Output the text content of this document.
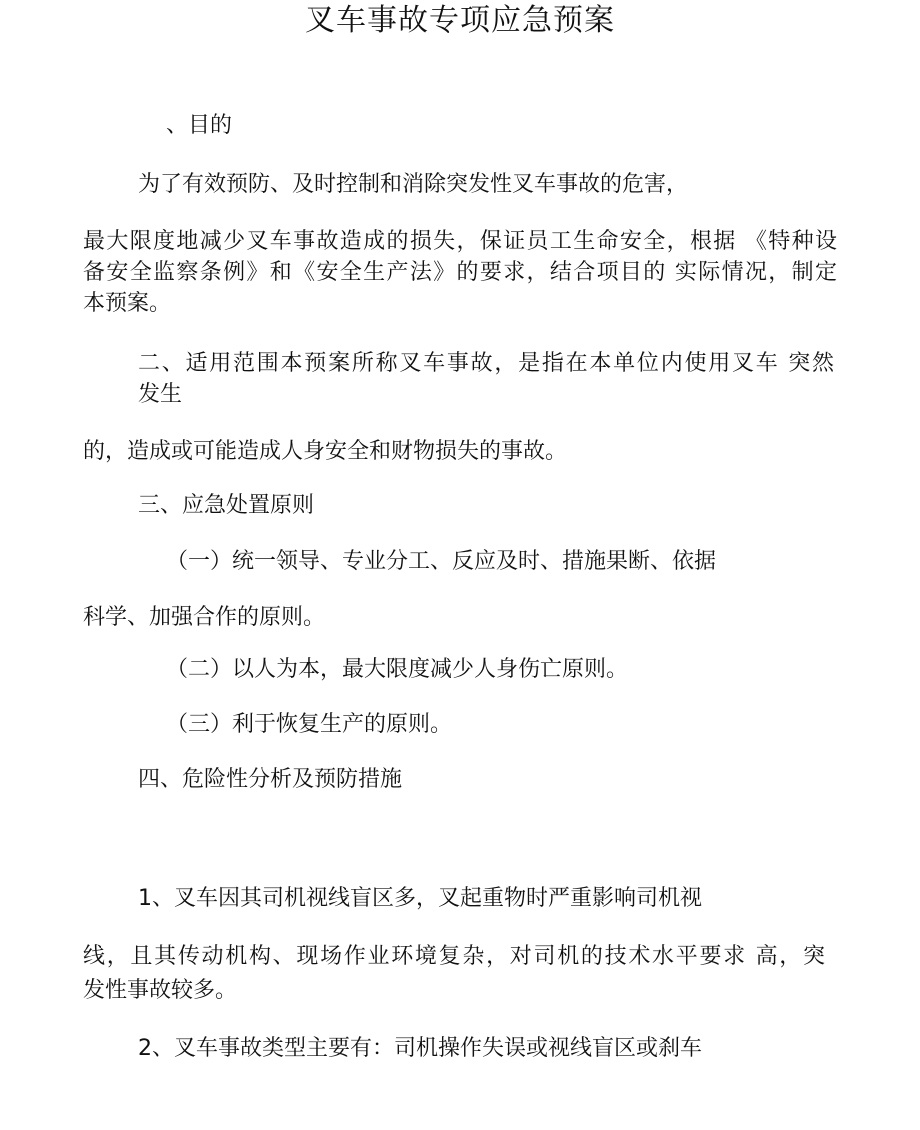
叉车事故专项应急预案
、目的
为了有效预防、及时控制和消除突发性叉车事故的危害，
最大限度地减少叉车事故造成的损失，保证员工生命安全，根据 《特种设
备安全监察条例》和《安全生产法》的要求，结合项目的 实际情况，制定
本预案。
二、适用范围本预案所称叉车事故，是指在本单位内使用叉车 突然
发生
的，造成或可能造成人身安全和财物损失的事故。
三、应急处置原则
（一）统一领导、专业分工、反应及时、措施果断、依据
科学、加强合作的原则。
（二）以人为本，最大限度减少人身伤亡原则。
（三）利于恢复生产的原则。
四、危险性分析及预防措施
1、叉车因其司机视线盲区多，叉起重物时严重影响司机视
线，且其传动机构、现场作业环境复杂，对司机的技术水平要求 高，突
发性事故较多。
2、叉车事故类型主要有：司机操作失误或视线盲区或刹车
